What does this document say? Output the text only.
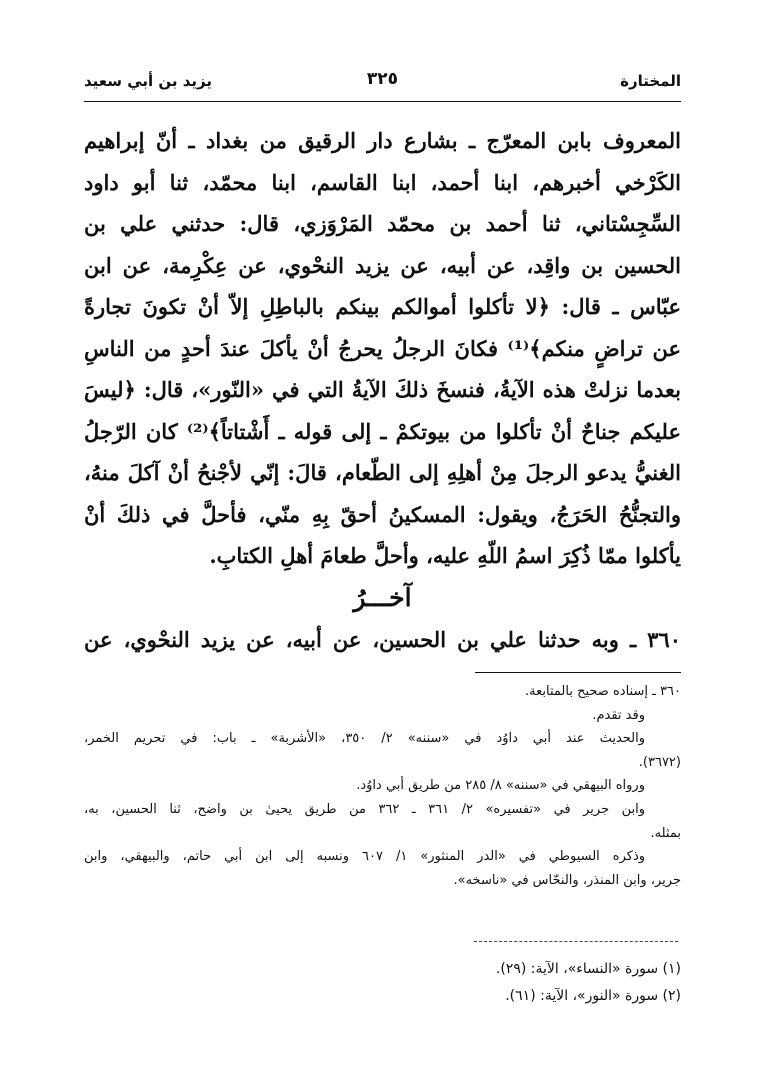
المختارة
٣٢٥
يزيد بن أبي سعيد
المعروف بابن المعرّج ـ بشارع دار الرقيق من بغداد ـ أنّ إبراهيم
الكَرْخي أخبرهم، ابنا أحمد، ابنا القاسم، ابنا محمّد، ثنا أبو داود
السِّجِسْتاني، ثنا أحمد بن محمّد المَرْوَزي، قال: حدثني علي بن
الحسين بن واقِد، عن أبيه، عن يزيد النحْوي، عن عِكْرِمة، عن ابن
عبّاس ـ قال: ﴿لا تأكلوا أموالكم بينكم بالباطِلِ إلاّ أنْ تكونَ تجارةً
عن تراضٍ منكم﴾⁽¹⁾ فكانَ الرجلُ يحرجُ أنْ يأكلَ عندَ أحدٍ من الناسِ
بعدما نزلتْ هذه الآيةُ، فنسخَ ذلكَ الآيةُ التي في «النّور»، قال: ﴿ليسَ
عليكم جناحٌ أنْ تأكلوا من بيوتكمْ ـ إلى قوله ـ أَشْتاتاً﴾⁽²⁾ كان الرّجلُ
الغنيُّ يدعو الرجلَ مِنْ أهلِهِ إلى الطّعام، قالَ: إنّي لأجْنحُ أنْ آكلَ منهُ،
والتجنُّحُ الحَرَجُ، ويقول: المسكينُ أحقّ بِهِ منّي، فأحلَّ في ذلكَ أنْ
يأكلوا ممّا ذُكِرَ اسمُ اللّهِ عليه، وأحلَّ طعامَ أهلِ الكتابِ.
آخـــرُ
٣٦٠ ـ وبه حدثنا علي بن الحسين، عن أبيه، عن يزيد النحْوي، عن
٣٦٠ ـ إسناده صحيح بالمتابعة.
وقد تقدم.
والحديث عند أبي داوُد في «سننه» ٢/ ٣٥٠، «الأشربة» ـ باب: في تحريم الخمر،
(٣٦٧٢).
ورواه البيهقي في «سننه» ٨/ ٢٨٥ من طريق أبي داوُد.
وابن جرير في «تفسيره» ٢/ ٣٦١ ـ ٣٦٢ من طريق يحيىٰ بن واضح، ثنا الحسين، به،
بمثله.
وذكره السيوطي في «الدر المنثور» ١/ ٦٠٧ ونسبه إلى ابن أبي حاتم، والبيهقي، وابن
جرير، وابن المنذر، والنحّاس في «ناسخه».
(١) سورة «النساء»، الآية: (٢٩).
(٢) سورة «النور»، الآية: (٦١).
